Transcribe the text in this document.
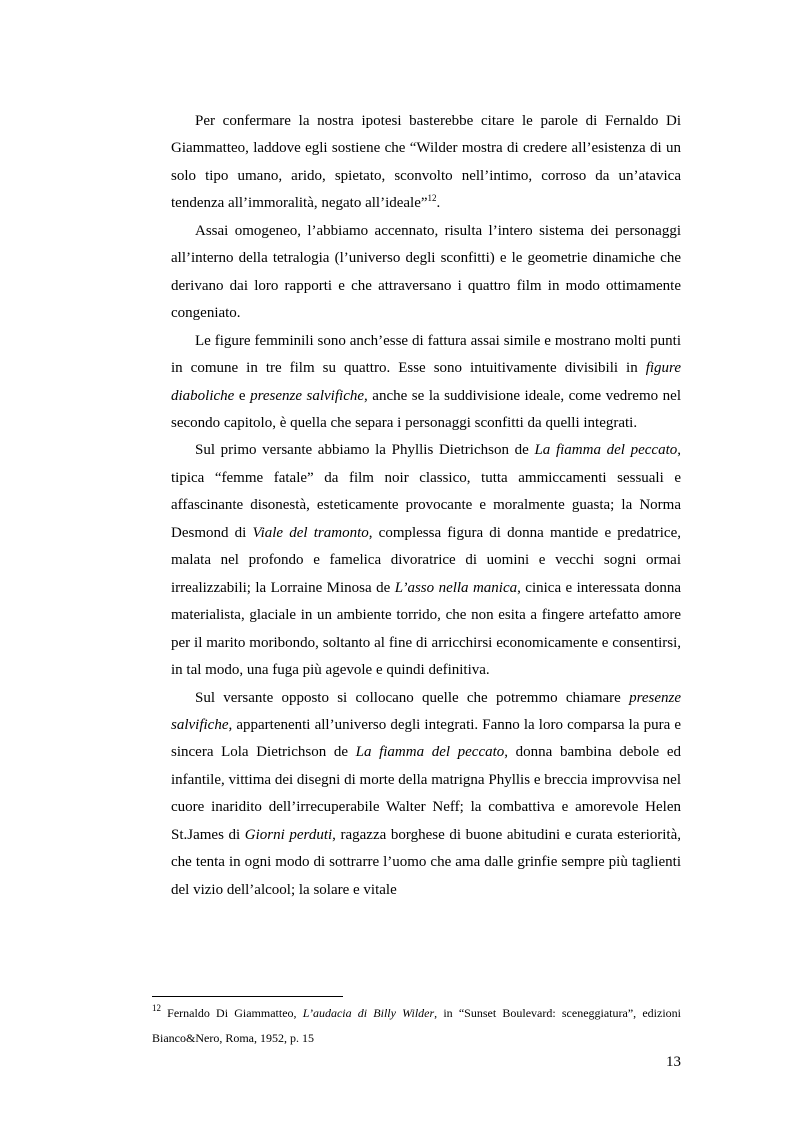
Per confermare la nostra ipotesi basterebbe citare le parole di Fernaldo Di Giammatteo, laddove egli sostiene che “Wilder mostra di credere all’esistenza di un solo tipo umano, arido, spietato, sconvolto nell’intimo, corroso da un’atavica tendenza all’immoralità, negato all’ideale”$^{12}$.

Assai omogeneo, l’abbiamo accennato, risulta l’intero sistema dei personaggi all’interno della tetralogia (l’universo degli sconfitti) e le geometrie dinamiche che derivano dai loro rapporti e che attraversano i quattro film in modo ottimamente congeniato.

Le figure femminili sono anch’esse di fattura assai simile e mostrano molti punti in comune in tre film su quattro. Esse sono intuitivamente divisibili in figure diaboliche e presenze salvifiche, anche se la suddivisione ideale, come vedremo nel secondo capitolo, è quella che separa i personaggi sconfitti da quelli integrati.

Sul primo versante abbiamo la Phyllis Dietrichson de La fiamma del peccato, tipica “femme fatale” da film noir classico, tutta ammiccamenti sessuali e affascinante disonestà, esteticamente provocante e moralmente guasta; la Norma Desmond di Viale del tramonto, complessa figura di donna mantide e predatrice, malata nel profondo e famelica divoratrice di uomini e vecchi sogni ormai irrealizzabili; la Lorraine Minosa de L’asso nella manica, cinica e interessata donna materialista, glaciale in un ambiente torrido, che non esita a fingere artefatto amore per il marito moribondo, soltanto al fine di arricchirsi economicamente e consentirsi, in tal modo, una fuga più agevole e quindi definitiva.

Sul versante opposto si collocano quelle che potremmo chiamare presenze salvifiche, appartenenti all’universo degli integrati. Fanno la loro comparsa la pura e sincera Lola Dietrichson de La fiamma del peccato, donna bambina debole ed infantile, vittima dei disegni di morte della matrigna Phyllis e breccia improvvisa nel cuore inaridito dell’irrecuperabile Walter Neff; la combattiva e amorevole Helen St.James di Giorni perduti, ragazza borghese di buone abitudini e curata esteriorità, che tenta in ogni modo di sottrarre l’uomo che ama dalle grinfie sempre più taglienti del vizio dell’alcool; la solare e vitale

$^{12}$ Fernaldo Di Giammatteo, L’audacia di Billy Wilder, in “Sunset Boulevard: sceneggiatura”, edizioni Bianco&Nero, Roma, 1952, p. 15
13
